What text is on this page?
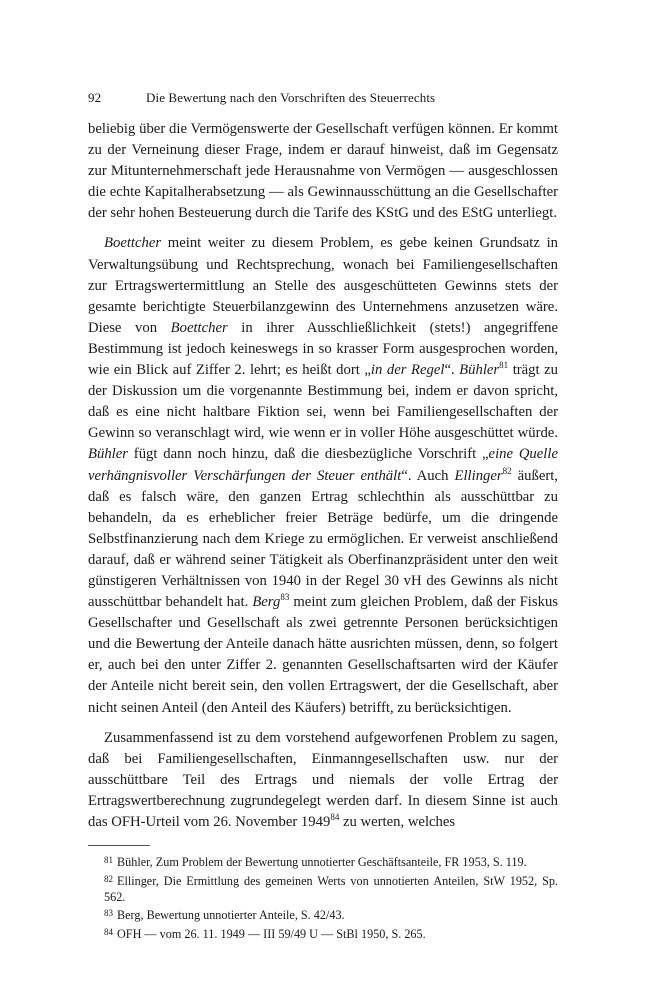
92	Die Bewertung nach den Vorschriften des Steuerrechts

beliebig über die Vermögenswerte der Gesellschaft verfügen können. Er kommt zu der Verneinung dieser Frage, indem er darauf hinweist, daß im Gegensatz zur Mitunternehmerschaft jede Herausnahme von Vermögen — ausgeschlossen die echte Kapitalherabsetzung — als Gewinnausschüttung an die Gesellschafter der sehr hohen Besteuerung durch die Tarife des KStG und des EStG unterliegt.

Boettcher meint weiter zu diesem Problem, es gebe keinen Grundsatz in Verwaltungsübung und Rechtsprechung, wonach bei Familiengesellschaften zur Ertragswertermittlung an Stelle des ausgeschütteten Gewinns stets der gesamte berichtigte Steuerbilanzgewinn des Unternehmens anzusetzen wäre. Diese von Boettcher in ihrer Ausschließlichkeit (stets!) angegriffene Bestimmung ist jedoch keineswegs in so krasser Form ausgesprochen worden, wie ein Blick auf Ziffer 2. lehrt; es heißt dort „in der Regel“. Bühler$^{81}$ trägt zu der Diskussion um die vorgenannte Bestimmung bei, indem er davon spricht, daß es eine nicht haltbare Fiktion sei, wenn bei Familiengesellschaften der Gewinn so veranschlagt wird, wie wenn er in voller Höhe ausgeschüttet würde. Bühler fügt dann noch hinzu, daß die diesbezügliche Vorschrift „eine Quelle verhängnisvoller Verschärfungen der Steuer enthält“. Auch Ellinger$^{82}$ äußert, daß es falsch wäre, den ganzen Ertrag schlechthin als ausschüttbar zu behandeln, da es erheblicher freier Beträge bedürfe, um die dringende Selbstfinanzierung nach dem Kriege zu ermöglichen. Er verweist anschließend darauf, daß er während seiner Tätigkeit als Oberfinanzpräsident unter den weit günstigeren Verhältnissen von 1940 in der Regel 30 vH des Gewinns als nicht ausschüttbar behandelt hat. Berg$^{83}$ meint zum gleichen Problem, daß der Fiskus Gesellschafter und Gesellschaft als zwei getrennte Personen berücksichtigen und die Bewertung der Anteile danach hätte ausrichten müssen, denn, so folgert er, auch bei den unter Ziffer 2. genannten Gesellschaftsarten wird der Käufer der Anteile nicht bereit sein, den vollen Ertragswert, der die Gesellschaft, aber nicht seinen Anteil (den Anteil des Käufers) betrifft, zu berücksichtigen.

Zusammenfassend ist zu dem vorstehend aufgeworfenen Problem zu sagen, daß bei Familiengesellschaften, Einmanngesellschaften usw. nur der ausschüttbare Teil des Ertrags und niemals der volle Ertrag der Ertragswertberechnung zugrundegelegt werden darf. In diesem Sinne ist auch das OFH-Urteil vom 26. November 1949$^{84}$ zu werten, welches

$^{81}$ Bühler, Zum Problem der Bewertung unnotierter Geschäftsanteile, FR 1953, S. 119.

$^{82}$ Ellinger, Die Ermittlung des gemeinen Werts von unnotierten Anteilen, StW 1952, Sp. 562.

$^{83}$ Berg, Bewertung unnotierter Anteile, S. 42/43.

$^{84}$ OFH — vom 26. 11. 1949 — III 59/49 U — StBl 1950, S. 265.
